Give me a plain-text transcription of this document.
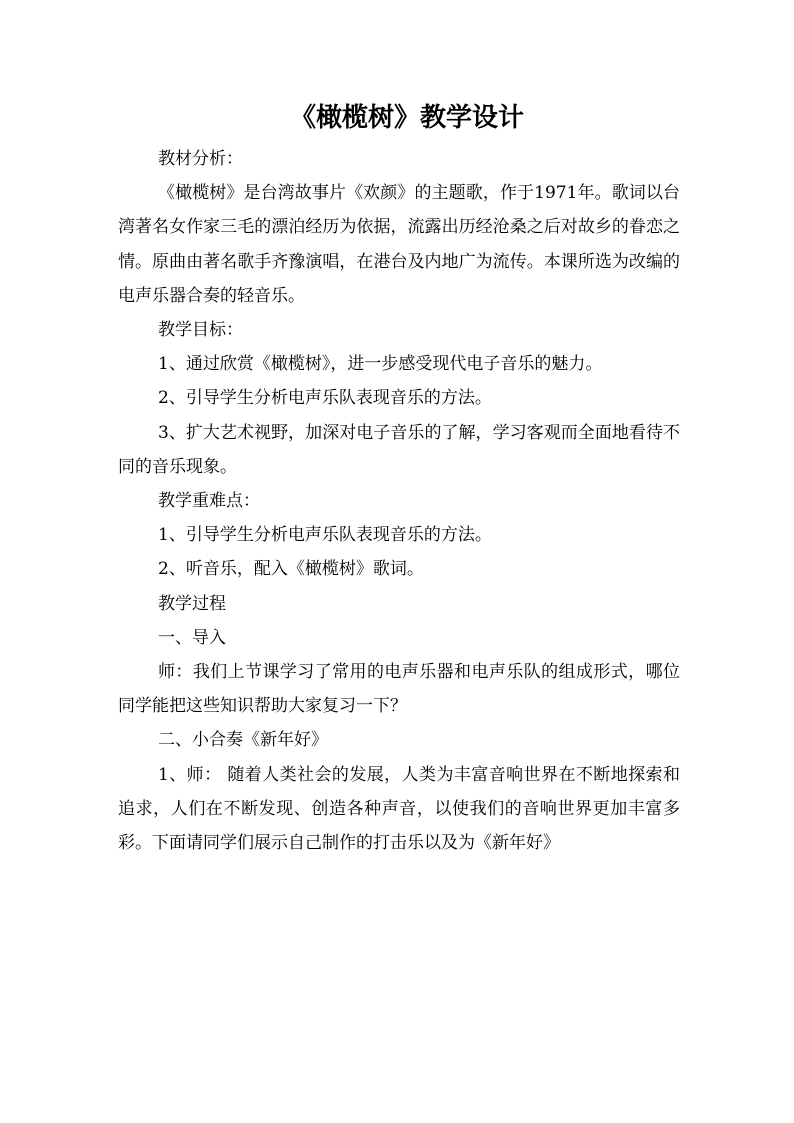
《橄榄树》教学设计

教材分析：

《橄榄树》是台湾故事片《欢颜》的主题歌，作于1971年。歌词以台湾著名女作家三毛的漂泊经历为依据，流露出历经沧桑之后对故乡的眷恋之情。原曲由著名歌手齐豫演唱，在港台及内地广为流传。本课所选为改编的电声乐器合奏的轻音乐。

教学目标：

1、通过欣赏《橄榄树》，进一步感受现代电子音乐的魅力。

2、引导学生分析电声乐队表现音乐的方法。

3、扩大艺术视野，加深对电子音乐的了解，学习客观而全面地看待不同的音乐现象。

教学重难点：

1、引导学生分析电声乐队表现音乐的方法。

2、听音乐，配入《橄榄树》歌词。

教学过程

一、导入

师：我们上节课学习了常用的电声乐器和电声乐队的组成形式，哪位同学能把这些知识帮助大家复习一下？

二、小合奏《新年好》

1、师： 随着人类社会的发展，人类为丰富音响世界在不断地探索和追求，人们在不断发现、创造各种声音，以使我们的音响世界更加丰富多彩。下面请同学们展示自己制作的打击乐以及为《新年好》
